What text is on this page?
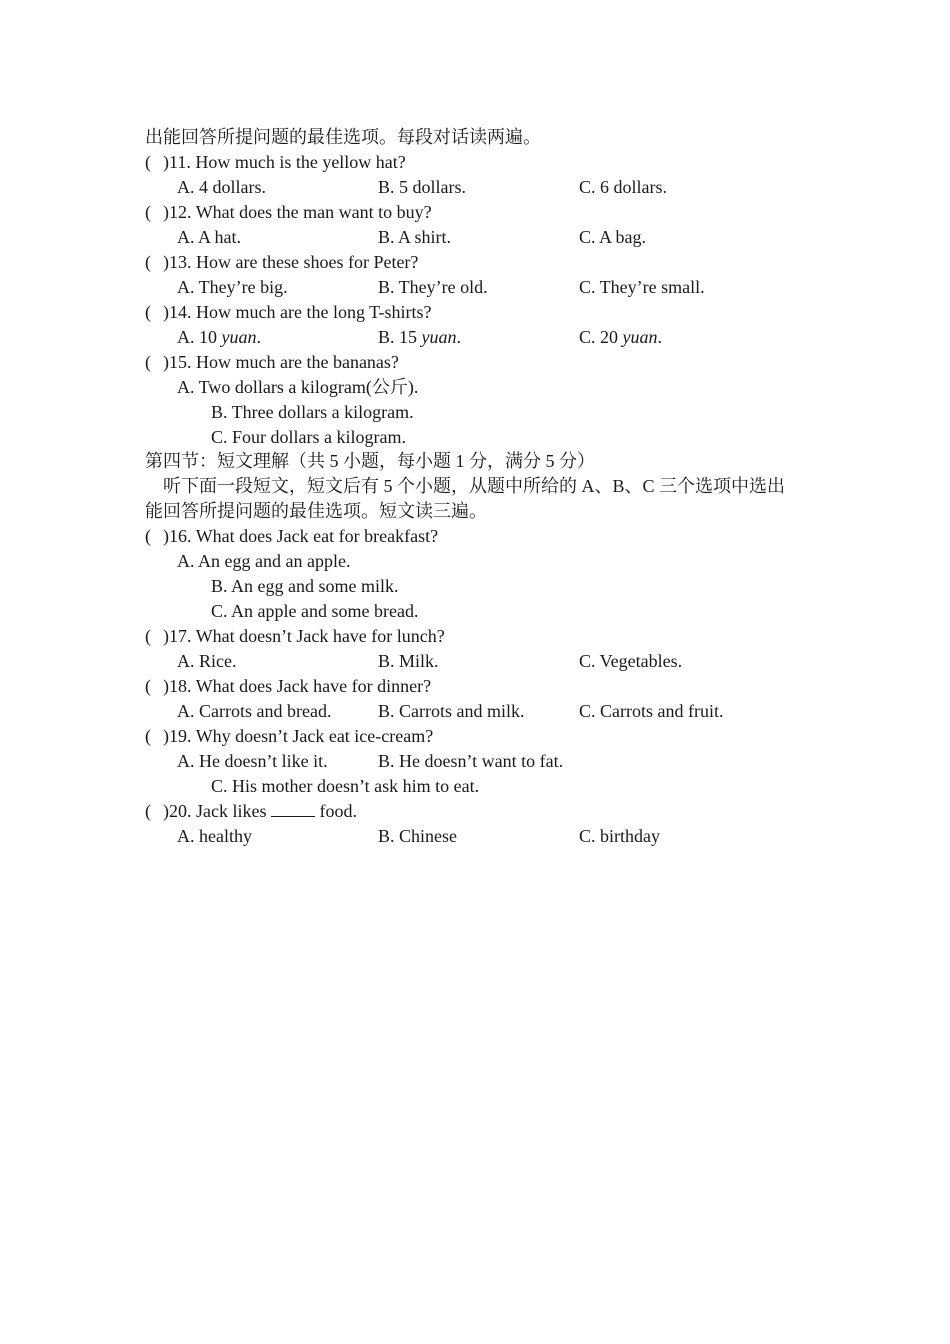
出能回答所提问题的最佳选项。每段对话读两遍。
( )11. How much is the yellow hat?
A. 4 dollars.	B. 5 dollars.	C. 6 dollars.
( )12. What does the man want to buy?
A. A hat.	B. A shirt.	C. A bag.
( )13. How are these shoes for Peter?
A. They’re big.	B. They’re old.	C. They’re small.
( )14. How much are the long T-shirts?
A. 10 yuan.	B. 15 yuan.	C. 20 yuan.
( )15. How much are the bananas?
A. Two dollars a kilogram(公斤).
B. Three dollars a kilogram.
C. Four dollars a kilogram.
第四节：短文理解（共 5 小题，每小题 1 分，满分 5 分）
听下面一段短文，短文后有 5 个小题，从题中所给的 A、B、C 三个选项中选出
能回答所提问题的最佳选项。短文读三遍。
( )16. What does Jack eat for breakfast?
A. An egg and an apple.
B. An egg and some milk.
C. An apple and some bread.
( )17. What doesn’t Jack have for lunch?
A. Rice.	B. Milk.	C. Vegetables.
( )18. What does Jack have for dinner?
A. Carrots and bread.	B. Carrots and milk.	C. Carrots and fruit.
( )19. Why doesn’t Jack eat ice-cream?
A. He doesn’t like it.	B. He doesn’t want to fat.
C. His mother doesn’t ask him to eat.
( )20. Jack likes  food.
A. healthy	B. Chinese	C. birthday
